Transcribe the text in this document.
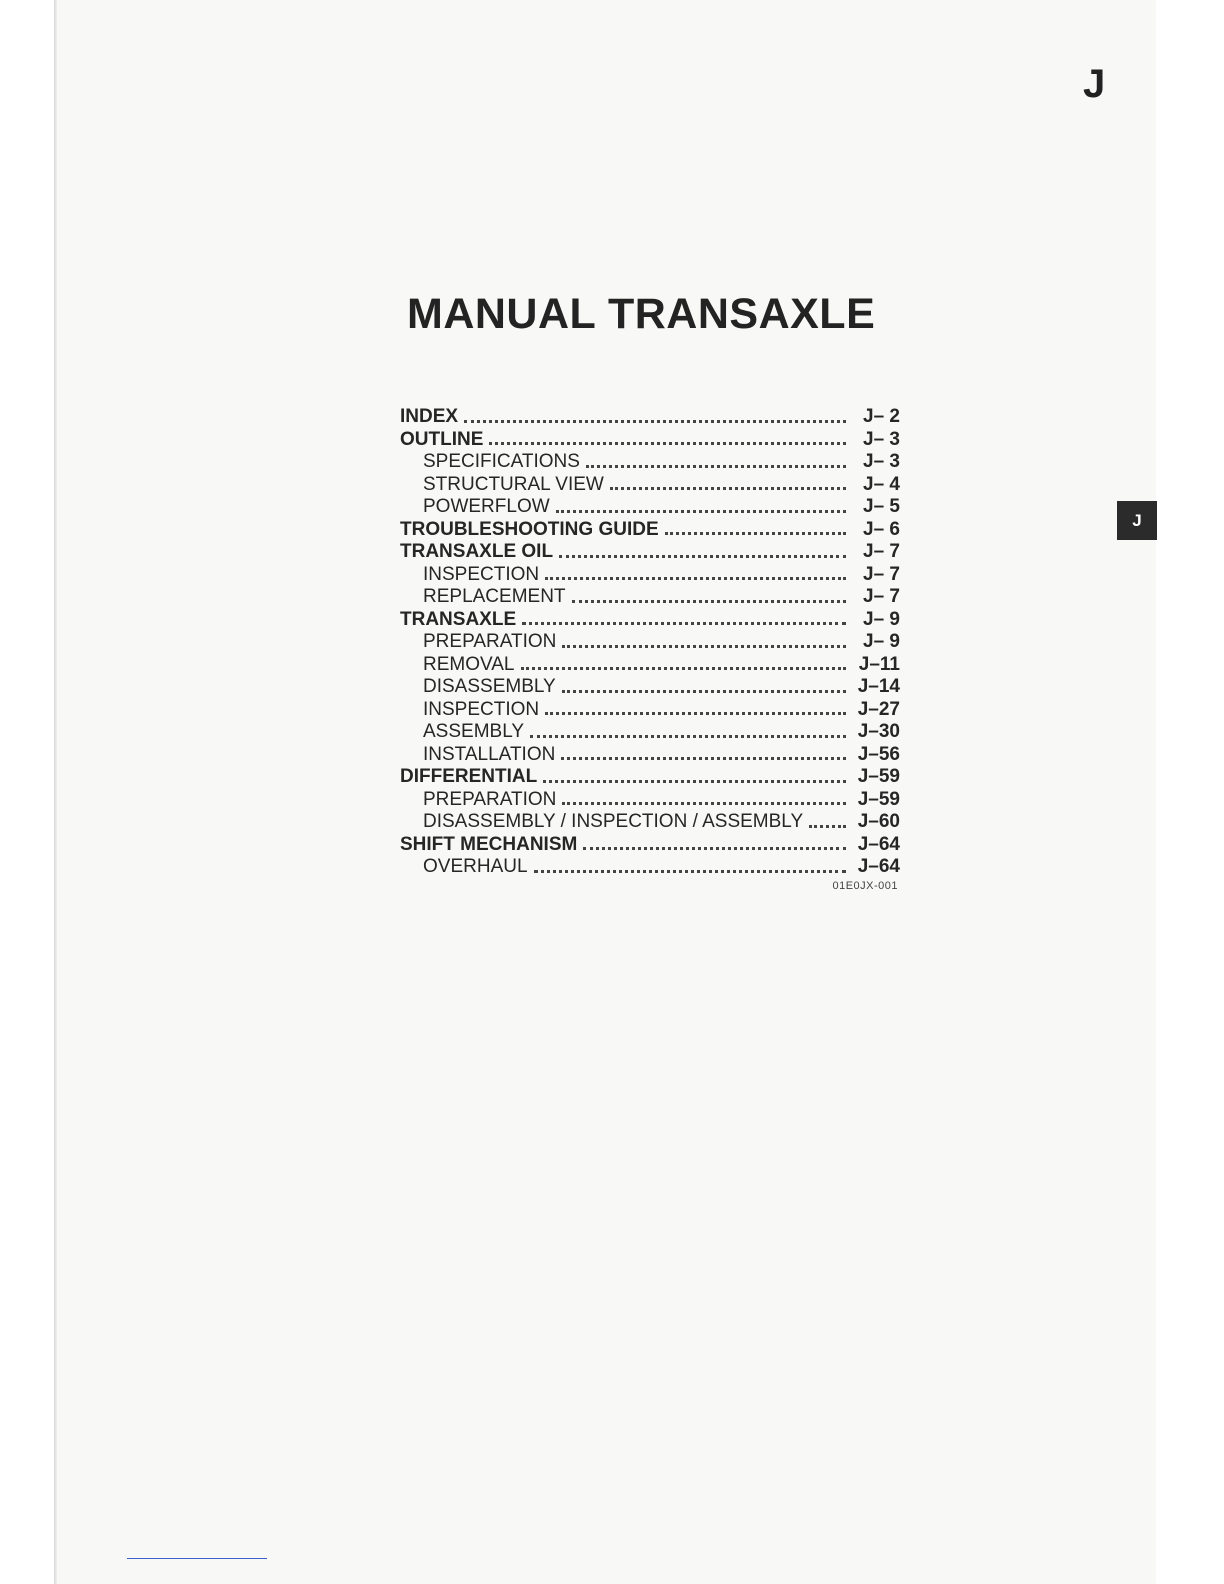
J
J
MANUAL TRANSAXLE
INDEX	J– 2
OUTLINE	J– 3
SPECIFICATIONS	J– 3
STRUCTURAL VIEW	J– 4
POWERFLOW	J– 5
TROUBLESHOOTING GUIDE	J– 6
TRANSAXLE OIL	J– 7
INSPECTION	J– 7
REPLACEMENT	J– 7
TRANSAXLE	J– 9
PREPARATION	J– 9
REMOVAL	J–11
DISASSEMBLY	J–14
INSPECTION	J–27
ASSEMBLY	J–30
INSTALLATION	J–56
DIFFERENTIAL	J–59
PREPARATION	J–59
DISASSEMBLY / INSPECTION / ASSEMBLY	J–60
SHIFT MECHANISM	J–64
OVERHAUL	J–64
01E0JX-001
